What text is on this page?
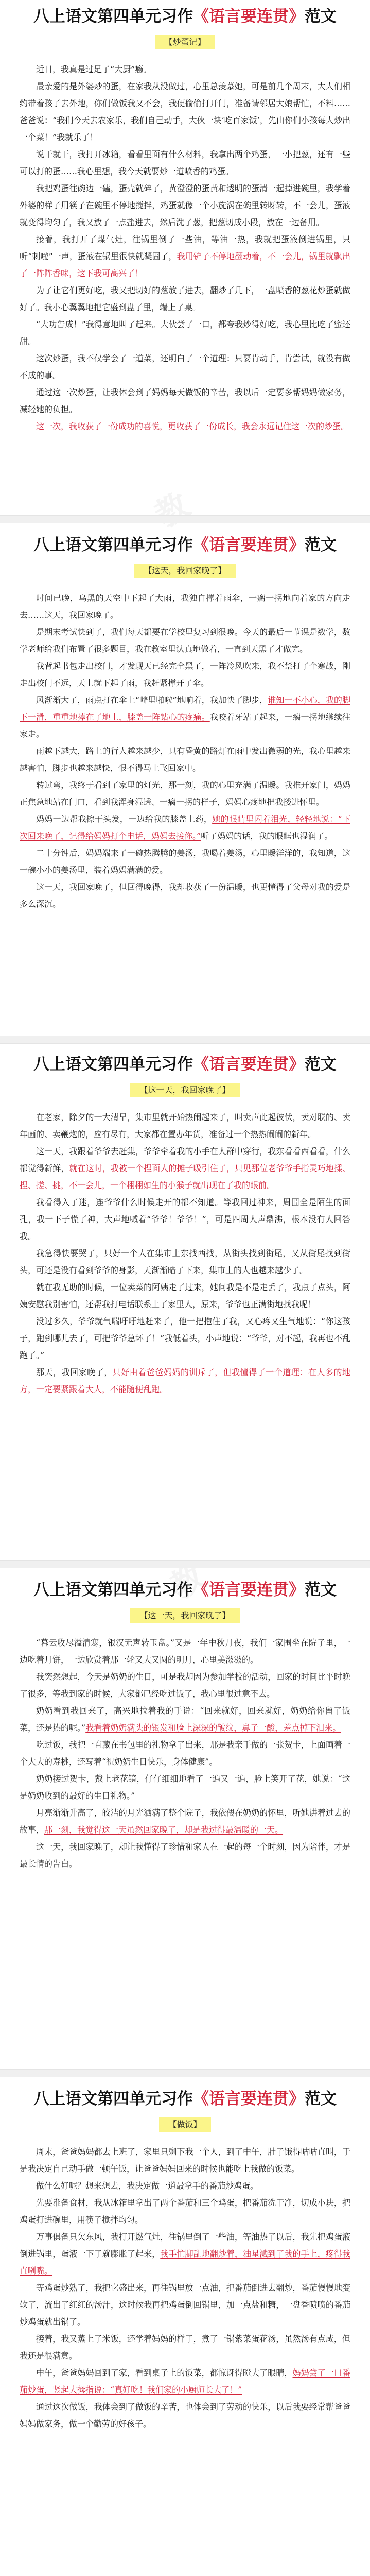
教
教
八上语文第四单元习作《语言要连贯》范文
【炒蛋记】

近日，我真是过足了“大厨”瘾。

最亲爱的是外婆炒的蛋，在家我从没做过，心里总羡慕她，可是前几个周末，大人们相约带着孩子去外地，你们做饭我又不会，我便偷偷打开门，准备请邻居大娘帮忙，不料……爸爸说：“我们今天去农家乐，我们自己动手，大伙一块‘吃百家饭’，先由你们小孩每人炒出一个菜！”我就乐了！

说干就干，我打开冰箱，看看里面有什么材料，我拿出两个鸡蛋，一小把葱，还有一些可以打的蛋……我心里想，我今天就要炒一道喷香的鸡蛋。

我把鸡蛋往碗边一磕，蛋壳就碎了，黄澄澄的蛋黄和透明的蛋清一起掉进碗里，我学着外婆的样子用筷子在碗里不停地搅拌，鸡蛋就像一个小旋涡在碗里转呀转，不一会儿，蛋液就变得均匀了，我又放了一点盐进去，然后洗了葱，把葱切成小段，放在一边备用。

接着，我打开了煤气灶，往锅里倒了一些油，等油一热，我就把蛋液倒进锅里，只听“刺啦”一声，蛋液在锅里很快就凝固了，我用铲子不停地翻动着，不一会儿，锅里就飘出了一阵阵香味，这下我可高兴了！

为了让它们更好吃，我又把切好的葱放了进去，翻炒了几下，一盘喷香的葱花炒蛋就做好了。我小心翼翼地把它盛到盘子里，端上了桌。

“大功告成！”我得意地叫了起来。大伙尝了一口，都夸我炒得好吃，我心里比吃了蜜还甜。

这次炒蛋，我不仅学会了一道菜，还明白了一个道理：只要肯动手，肯尝试，就没有做不成的事。

通过这一次炒蛋，让我体会到了妈妈每天做饭的辛苦，我以后一定要多帮妈妈做家务，减轻她的负担。

这一次，我收获了一份成功的喜悦，更收获了一份成长，我会永远记住这一次的炒蛋。

八上语文第四单元习作《语言要连贯》范文
【这天，我回家晚了】

时间已晚，乌黑的天空中下起了大雨，我独自撑着雨伞，一瘸一拐地向着家的方向走去……这天，我回家晚了。

是期末考试快到了，我们每天都要在学校里复习到很晚。今天的最后一节课是数学，数学老师给我们布置了很多题目，我在教室里认真地做着，一直到天黑了才做完。

我背起书包走出校门，才发现天已经完全黑了，一阵冷风吹来，我不禁打了个寒战，刚走出校门不远，天上就下起了雨，我赶紧撑开了伞。

风渐渐大了，雨点打在伞上“噼里啪啦”地响着，我加快了脚步，谁知一不小心，我的脚下一滑，重重地摔在了地上，膝盖一阵钻心的疼痛。我咬着牙站了起来，一瘸一拐地继续往家走。

雨越下越大，路上的行人越来越少，只有昏黄的路灯在雨中发出微弱的光，我心里越来越害怕，脚步也越来越快，恨不得马上飞回家中。

转过弯，我终于看到了家里的灯光，那一刻，我的心里充满了温暖。我推开家门，妈妈正焦急地站在门口，看到我浑身湿透、一瘸一拐的样子，妈妈心疼地把我搂进怀里。

妈妈一边帮我擦干头发，一边给我的膝盖上药，她的眼睛里闪着泪光，轻轻地说：“下次回来晚了，记得给妈妈打个电话，妈妈去接你。”听了妈妈的话，我的眼眶也湿润了。

二十分钟后，妈妈端来了一碗热腾腾的姜汤，我喝着姜汤，心里暖洋洋的，我知道，这一碗小小的姜汤里，装着妈妈满满的爱。

这一天，我回家晚了，但回得晚得，我却收获了一份温暖，也更懂得了父母对我的爱是多么深沉。

八上语文第四单元习作《语言要连贯》范文
【这一天，我回家晚了】

在老家，除夕的一大清早，集市里就开始热闹起来了，叫卖声此起彼伏，卖对联的、卖年画的、卖鞭炮的，应有尽有，大家都在置办年货，准备过一个热热闹闹的新年。

这一天，我跟着爷爷去赶集，爷爷牵着我的小手在人群中穿行，我东看看西看看，什么都觉得新鲜，就在这时，我被一个捏面人的摊子吸引住了，只见那位老爷爷手指灵巧地揉、捏、搓、挑，不一会儿，一个栩栩如生的小猴子就出现在了我的眼前。

我看得入了迷，连爷爷什么时候走开的都不知道。等我回过神来，周围全是陌生的面孔，我一下子慌了神，大声地喊着“爷爷！爷爷！”，可是四周人声鼎沸，根本没有人回答我。

我急得快要哭了，只好一个人在集市上东找西找，从街头找到街尾，又从街尾找到街头，可还是没有看到爷爷的身影，天渐渐暗了下来，集市上的人也越来越少了。

就在我无助的时候，一位卖菜的阿姨走了过来，她问我是不是走丢了，我点了点头，阿姨安慰我别害怕，还帮我打电话联系上了家里人，原来，爷爷也正满街地找我呢！

没过多久，爷爷就气喘吁吁地赶来了，他一把抱住了我，又心疼又生气地说：“你这孩子，跑到哪儿去了，可把爷爷急坏了！”我低着头，小声地说：“爷爷，对不起，我再也不乱跑了。”

那天，我回家晚了，只好由着爸爸妈妈的训斥了，但我懂得了一个道理：在人多的地方，一定要紧跟着大人，不能随便乱跑。

八上语文第四单元习作《语言要连贯》范文
【这一天，我回家晚了】

“暮云收尽溢清寒，银汉无声转玉盘。”又是一年中秋月夜，我们一家围坐在院子里，一边吃着月饼，一边欣赏着那一轮又大又圆的明月，心里美滋滋的。

我突然想起，今天是奶奶的生日，可是我却因为参加学校的活动，回家的时间比平时晚了很多，等我到家的时候，大家都已经吃过饭了，我心里很过意不去。

奶奶看到我回来了，高兴地拉着我的手说：“回来就好，回来就好，奶奶给你留了饭菜，还是热的呢。”我看着奶奶满头的银发和脸上深深的皱纹，鼻子一酸，差点掉下泪来。

吃过饭，我把一直藏在书包里的礼物拿了出来，那是我亲手做的一张贺卡，上面画着一个大大的寿桃，还写着“祝奶奶生日快乐，身体健康”。

奶奶接过贺卡，戴上老花镜，仔仔细细地看了一遍又一遍，脸上笑开了花，她说：“这是奶奶收到的最好的生日礼物。”

月亮渐渐升高了，皎洁的月光洒满了整个院子，我依偎在奶奶的怀里，听她讲着过去的故事，那一刻，我觉得这一天虽然回家晚了，却是我过得最温暖的一天。

这一天，我回家晚了，却让我懂得了珍惜和家人在一起的每一个时刻，因为陪伴，才是最长情的告白。

八上语文第四单元习作《语言要连贯》范文
【做饭】

周末，爸爸妈妈都去上班了，家里只剩下我一个人，到了中午，肚子饿得咕咕直叫，于是我决定自己动手做一顿午饭，让爸爸妈妈回来的时候也能吃上我做的饭菜。

做什么好呢？想来想去，我决定做一道最拿手的番茄炒鸡蛋。

先要准备食材，我从冰箱里拿出了两个番茄和三个鸡蛋，把番茄洗干净，切成小块，把鸡蛋打进碗里，用筷子搅拌均匀。

万事俱备只欠东风，我打开燃气灶，往锅里倒了一些油，等油热了以后，我先把鸡蛋液倒进锅里，蛋液一下子就膨胀了起来，我手忙脚乱地翻炒着，油星溅到了我的手上，疼得我直咧嘴。

等鸡蛋炒熟了，我把它盛出来，再往锅里放一点油，把番茄倒进去翻炒，番茄慢慢地变软了，流出了红红的汤汁，这时候我再把鸡蛋倒回锅里，加一点盐和糖，一盘香喷喷的番茄炒鸡蛋就出锅了。

接着，我又蒸上了米饭，还学着妈妈的样子，煮了一锅紫菜蛋花汤，虽然汤有点咸，但我还是很满意。

中午，爸爸妈妈回到了家，看到桌子上的饭菜，都惊讶得瞪大了眼睛，妈妈尝了一口番茄炒蛋，竖起大拇指说：“真好吃！我们家的小厨师长大了！”

通过这次做饭，我体会到了做饭的辛苦，也体会到了劳动的快乐，以后我要经常帮爸爸妈妈做家务，做一个勤劳的好孩子。
